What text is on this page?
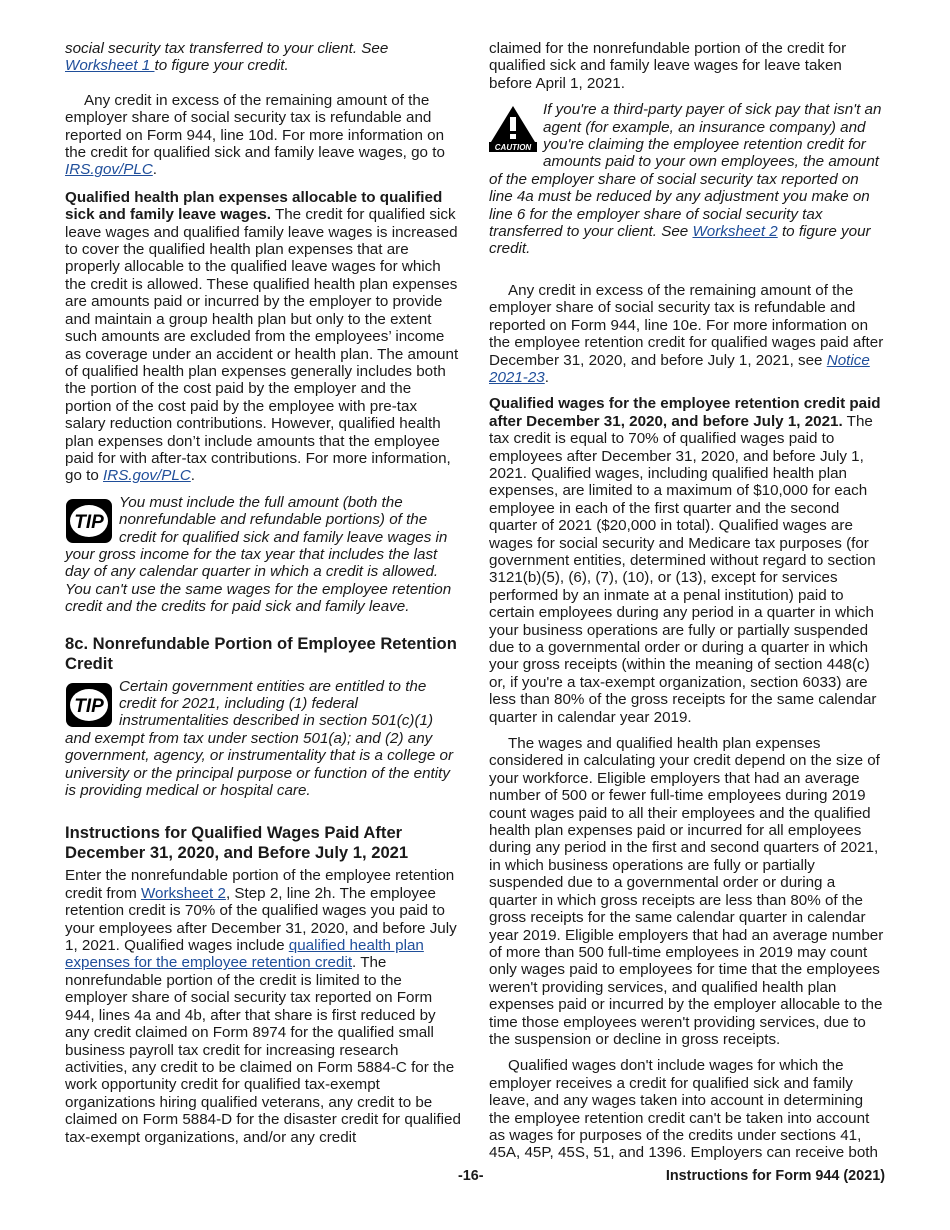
social security tax transferred to your client. See Worksheet 1 to figure your credit.

Any credit in excess of the remaining amount of the employer share of social security tax is refundable and reported on Form 944, line 10d. For more information on the credit for qualified sick and family leave wages, go to IRS.gov/PLC.

Qualified health plan expenses allocable to qualified sick and family leave wages. The credit for qualified sick leave wages and qualified family leave wages is increased to cover the qualified health plan expenses that are properly allocable to the qualified leave wages for which the credit is allowed. These qualified health plan expenses are amounts paid or incurred by the employer to provide and maintain a group health plan but only to the extent such amounts are excluded from the employees’ income as coverage under an accident or health plan. The amount of qualified health plan expenses generally includes both the portion of the cost paid by the employer and the portion of the cost paid by the employee with pre-tax salary reduction contributions. However, qualified health plan expenses don’t include amounts that the employee paid for with after-tax contributions. For more information, go to IRS.gov/PLC.

TIP
You must include the full amount (both the nonrefundable and refundable portions) of the credit for qualified sick and family leave wages in your gross income for the tax year that includes the last day of any calendar quarter in which a credit is allowed. You can't use the same wages for the employee retention credit and the credits for paid sick and family leave.
8c. Nonrefundable Portion of Employee Retention Credit
TIP
Certain government entities are entitled to the credit for 2021, including (1) federal instrumentalities described in section 501(c)(1) and exempt from tax under section 501(a); and (2) any government, agency, or instrumentality that is a college or university or the principal purpose or function of the entity is providing medical or hospital care.
Instructions for Qualified Wages Paid After December 31, 2020, and Before July 1, 2021

Enter the nonrefundable portion of the employee retention credit from Worksheet 2, Step 2, line 2h. The employee retention credit is 70% of the qualified wages you paid to your employees after December 31, 2020, and before July 1, 2021. Qualified wages include qualified health plan expenses for the employee retention credit. The nonrefundable portion of the credit is limited to the employer share of social security tax reported on Form 944, lines 4a and 4b, after that share is first reduced by any credit claimed on Form 8974 for the qualified small business payroll tax credit for increasing research activities, any credit to be claimed on Form 5884-C for the work opportunity credit for qualified tax-exempt organizations hiring qualified veterans, any credit to be claimed on Form 5884-D for the disaster credit for qualified tax-exempt organizations, and/or any credit

claimed for the nonrefundable portion of the credit for qualified sick and family leave wages for leave taken before April 1, 2021.

CAUTION
If you're a third-party payer of sick pay that isn't an agent (for example, an insurance company) and you're claiming the employee retention credit for amounts paid to your own employees, the amount of the employer share of social security tax reported on line 4a must be reduced by any adjustment you make on line 6 for the employer share of social security tax transferred to your client. See Worksheet 2 to figure your credit.

Any credit in excess of the remaining amount of the employer share of social security tax is refundable and reported on Form 944, line 10e. For more information on the employee retention credit for qualified wages paid after December 31, 2020, and before July 1, 2021, see Notice 2021-23.

Qualified wages for the employee retention credit paid after December 31, 2020, and before July 1, 2021. The tax credit is equal to 70% of qualified wages paid to employees after December 31, 2020, and before July 1, 2021. Qualified wages, including qualified health plan expenses, are limited to a maximum of $10,000 for each employee in each of the first quarter and the second quarter of 2021 ($20,000 in total). Qualified wages are wages for social security and Medicare tax purposes (for government entities, determined without regard to section 3121(b)(5), (6), (7), (10), or (13), except for services performed by an inmate at a penal institution) paid to certain employees during any period in a quarter in which your business operations are fully or partially suspended due to a governmental order or during a quarter in which your gross receipts (within the meaning of section 448(c) or, if you're a tax-exempt organization, section 6033) are less than 80% of the gross receipts for the same calendar quarter in calendar year 2019.

The wages and qualified health plan expenses considered in calculating your credit depend on the size of your workforce. Eligible employers that had an average number of 500 or fewer full-time employees during 2019 count wages paid to all their employees and the qualified health plan expenses paid or incurred for all employees during any period in the first and second quarters of 2021, in which business operations are fully or partially suspended due to a governmental order or during a quarter in which gross receipts are less than 80% of the gross receipts for the same calendar quarter in calendar year 2019. Eligible employers that had an average number of more than 500 full-time employees in 2019 may count only wages paid to employees for time that the employees weren't providing services, and qualified health plan expenses paid or incurred by the employer allocable to the time those employees weren't providing services, due to the suspension or decline in gross receipts.

Qualified wages don't include wages for which the employer receives a credit for qualified sick and family leave, and any wages taken into account in determining the employee retention credit can't be taken into account as wages for purposes of the credits under sections 41, 45A, 45P, 45S, 51, and 1396. Employers can receive both

-16-	Instructions for Form 944 (2021)
